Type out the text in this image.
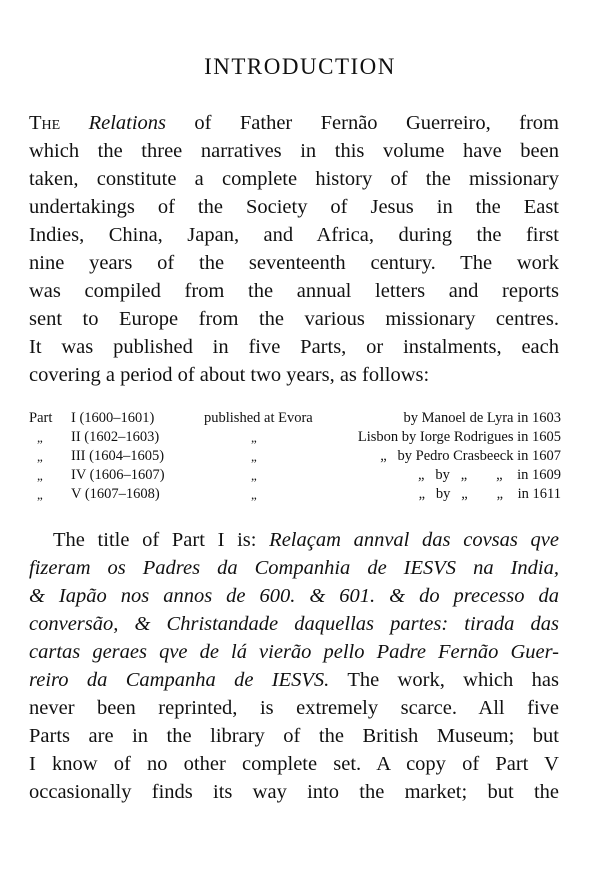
INTRODUCTION
The Relations of Father Fernão Guerreiro, from
which the three narratives in this volume have been
taken, constitute a complete history of the missionary
undertakings of the Society of Jesus in the East
Indies, China, Japan, and Africa, during the first
nine years of the seventeenth century. The work
was compiled from the annual letters and reports
sent to Europe from the various missionary centres.
It was published in five Parts, or instalments, each
covering a period of about two years, as follows:
Part I (1600–1601)	published at Evora	by Manoel de Lyra in 1603
„ II (1602–1603)	„	Lisbon by Iorge Rodrigues in 1605
„ III (1604–1605)	„	„   by Pedro Crasbeeck in 1607
„ IV (1606–1607)	„	„   by   „        „    in 1609
„ V (1607–1608)	„	„   by   „        „    in 1611
The title of Part I is: Relaçam annval das covsas qve
fizeram os Padres da Companhia de IESVS na India,
& Iapão nos annos de 600. & 601. & do precesso da
conversão, & Christandade daquellas partes: tirada das
cartas geraes qve de lá vierão pello Padre Fernão Guer-
reiro da Campanha de IESVS. The work, which has
never been reprinted, is extremely scarce. All five
Parts are in the library of the British Museum; but
I know of no other complete set. A copy of Part V
occasionally finds its way into the market; but the
